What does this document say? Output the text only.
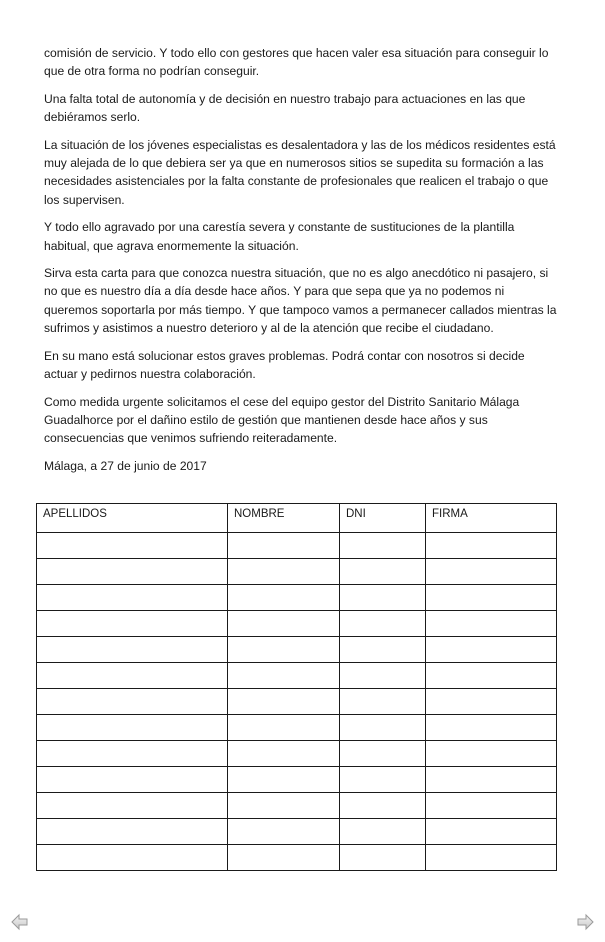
comisión de servicio. Y todo ello con gestores que hacen valer esa situación para conseguir lo que de otra forma no podrían conseguir.

Una falta total de autonomía y de decisión en nuestro trabajo para actuaciones en las que debiéramos serlo.

La situación de los jóvenes especialistas es desalentadora y las de los médicos residentes está muy alejada de lo que debiera ser ya que en numerosos sitios se supedita su formación a las necesidades asistenciales por la falta constante de profesionales que realicen el trabajo o que los supervisen.

Y todo ello agravado por una carestía severa y constante de sustituciones de la plantilla habitual, que agrava enormemente la situación.

Sirva esta carta para que conozca nuestra situación, que no es algo anecdótico ni pasajero, si no que es nuestro día a día desde hace años. Y para que sepa que ya no podemos ni queremos soportarla por más tiempo. Y que tampoco vamos a permanecer callados mientras la sufrimos y asistimos a nuestro deterioro y al de la atención que recibe el ciudadano.

En su mano está solucionar estos graves problemas. Podrá contar con nosotros si decide actuar y pedirnos nuestra colaboración.

Como medida urgente solicitamos el cese del equipo gestor del Distrito Sanitario Málaga Guadalhorce por el dañino estilo de gestión que mantienen desde hace años y sus consecuencias que venimos sufriendo reiteradamente.

Málaga, a 27 de junio de 2017

APELLIDOS	NOMBRE	DNI	FIRMA
